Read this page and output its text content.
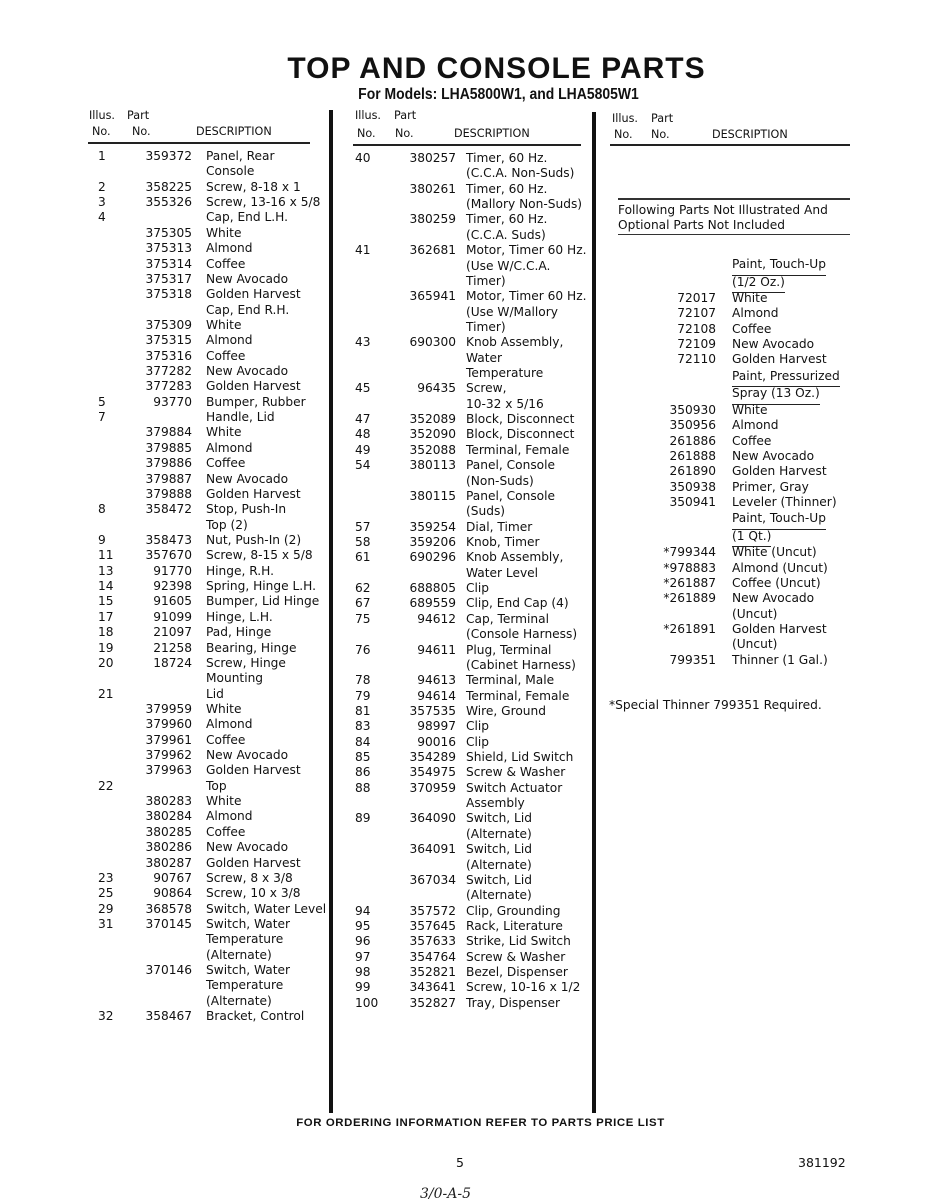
TOP AND CONSOLE PARTS
For Models: LHA5800W1, and LHA5805W1
Illus. Part
No. No.	DESCRIPTION
1	359372 Panel, Rear
Console
2	358225 Screw, 8-18 x 1
3	355326 Screw, 13-16 x 5/8
4	Cap, End L.H.
375305 White
375313 Almond
375314 Coffee
375317 New Avocado
375318 Golden Harvest
Cap, End R.H.
375309 White
375315 Almond
375316 Coffee
377282 New Avocado
377283 Golden Harvest
5	93770 Bumper, Rubber
7	Handle, Lid
379884 White
379885 Almond
379886 Coffee
379887 New Avocado
379888 Golden Harvest
8	358472 Stop, Push-In
Top (2)
9	358473 Nut, Push-In (2)
11	357670 Screw, 8-15 x 5/8
13	91770 Hinge, R.H.
14	92398 Spring, Hinge L.H.
15	91605 Bumper, Lid Hinge
17	91099 Hinge, L.H.
18	21097 Pad, Hinge
19	21258 Bearing, Hinge
20	18724 Screw, Hinge
Mounting
21	Lid
379959 White
379960 Almond
379961 Coffee
379962 New Avocado
379963 Golden Harvest
22	Top
380283 White
380284 Almond
380285 Coffee
380286 New Avocado
380287 Golden Harvest
23	90767 Screw, 8 x 3/8
25	90864 Screw, 10 x 3/8
29	368578 Switch, Water Level
31	370145 Switch, Water
Temperature
(Alternate)
370146 Switch, Water
Temperature
(Alternate)
32	358467 Bracket, Control
Illus. Part
No. No.	DESCRIPTION
40	380257 Timer, 60 Hz.
(C.C.A. Non-Suds)
380261 Timer, 60 Hz.
(Mallory Non-Suds)
380259 Timer, 60 Hz.
(C.C.A. Suds)
41	362681 Motor, Timer 60 Hz.
(Use W/C.C.A.
Timer)
365941 Motor, Timer 60 Hz.
(Use W/Mallory
Timer)
43	690300 Knob Assembly,
Water
Temperature
45	96435 Screw,
10-32 x 5/16
47	352089 Block, Disconnect
48	352090 Block, Disconnect
49	352088 Terminal, Female
54	380113 Panel, Console
(Non-Suds)
380115 Panel, Console
(Suds)
57	359254 Dial, Timer
58	359206 Knob, Timer
61	690296 Knob Assembly,
Water Level
62	688805 Clip
67	689559 Clip, End Cap (4)
75	94612 Cap, Terminal
(Console Harness)
76	94611 Plug, Terminal
(Cabinet Harness)
78	94613 Terminal, Male
79	94614 Terminal, Female
81	357535 Wire, Ground
83	98997 Clip
84	90016 Clip
85	354289 Shield, Lid Switch
86	354975 Screw & Washer
88	370959 Switch Actuator
Assembly
89	364090 Switch, Lid
(Alternate)
364091 Switch, Lid
(Alternate)
367034 Switch, Lid
(Alternate)
94	357572 Clip, Grounding
95	357645 Rack, Literature
96	357633 Strike, Lid Switch
97	354764 Screw & Washer
98	352821 Bezel, Dispenser
99	343641 Screw, 10-16 x 1/2
100	352827 Tray, Dispenser
Illus. Part
No. No.	DESCRIPTION
Following Parts Not Illustrated And
Optional Parts Not Included
Paint, Touch-Up
(1/2 Oz.)
72017 White
72107 Almond
72108 Coffee
72109 New Avocado
72110 Golden Harvest
Paint, Pressurized
Spray (13 Oz.)
350930 White
350956 Almond
261886 Coffee
261888 New Avocado
261890 Golden Harvest
350938 Primer, Gray
350941 Leveler (Thinner)
Paint, Touch-Up
(1 Qt.)
*799344 White (Uncut)
*978883 Almond (Uncut)
*261887 Coffee (Uncut)
*261889 New Avocado
(Uncut)
*261891 Golden Harvest
(Uncut)
799351 Thinner (1 Gal.)
*Special Thinner 799351 Required.
FOR ORDERING INFORMATION REFER TO PARTS PRICE LIST
5	381192
3/0-A-5
